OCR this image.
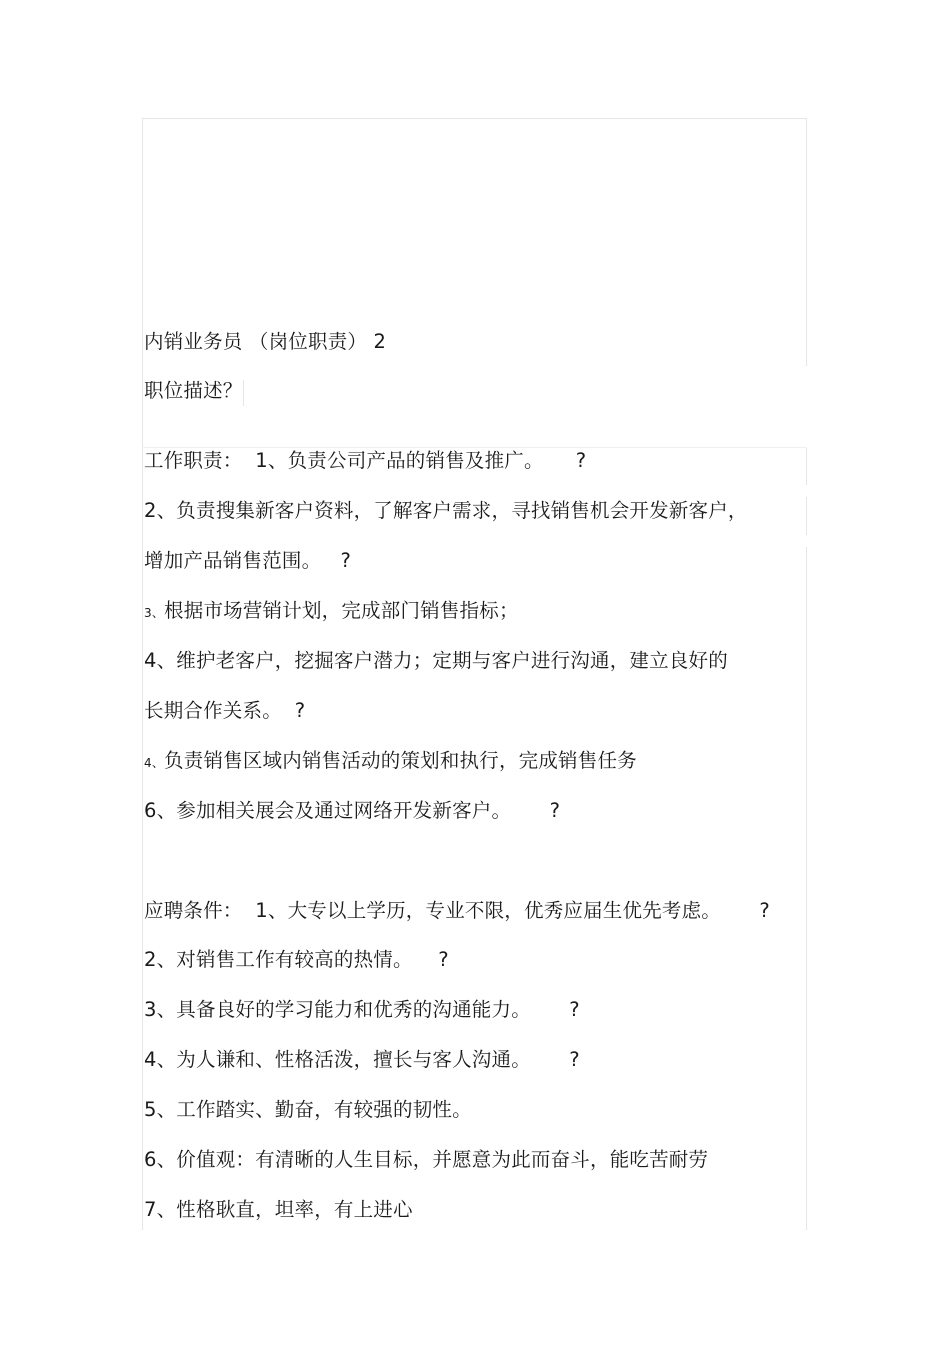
内销业务员 （岗位职责） 2
职位描述？
工作职责：  1、负责公司产品的销售及推广。     ?
2、负责搜集新客户资料，了解客户需求，寻找销售机会开发新客户，
增加产品销售范围。   ?
3、根据市场营销计划，完成部门销售指标；
4、维护老客户，挖掘客户潜力；定期与客户进行沟通，建立良好的
长期合作关系。  ?
4、负责销售区域内销售活动的策划和执行，完成销售任务
6、参加相关展会及通过网络开发新客户。      ?
应聘条件：  1、大专以上学历，专业不限，优秀应届生优先考虑。      ?
2、对销售工作有较高的热情。    ?
3、具备良好的学习能力和优秀的沟通能力。      ?
4、为人谦和、性格活泼，擅长与客人沟通。      ?
5、工作踏实、勤奋，有较强的韧性。
6、价值观：有清晰的人生目标，并愿意为此而奋斗，能吃苦耐劳
7、性格耿直，坦率，有上进心
